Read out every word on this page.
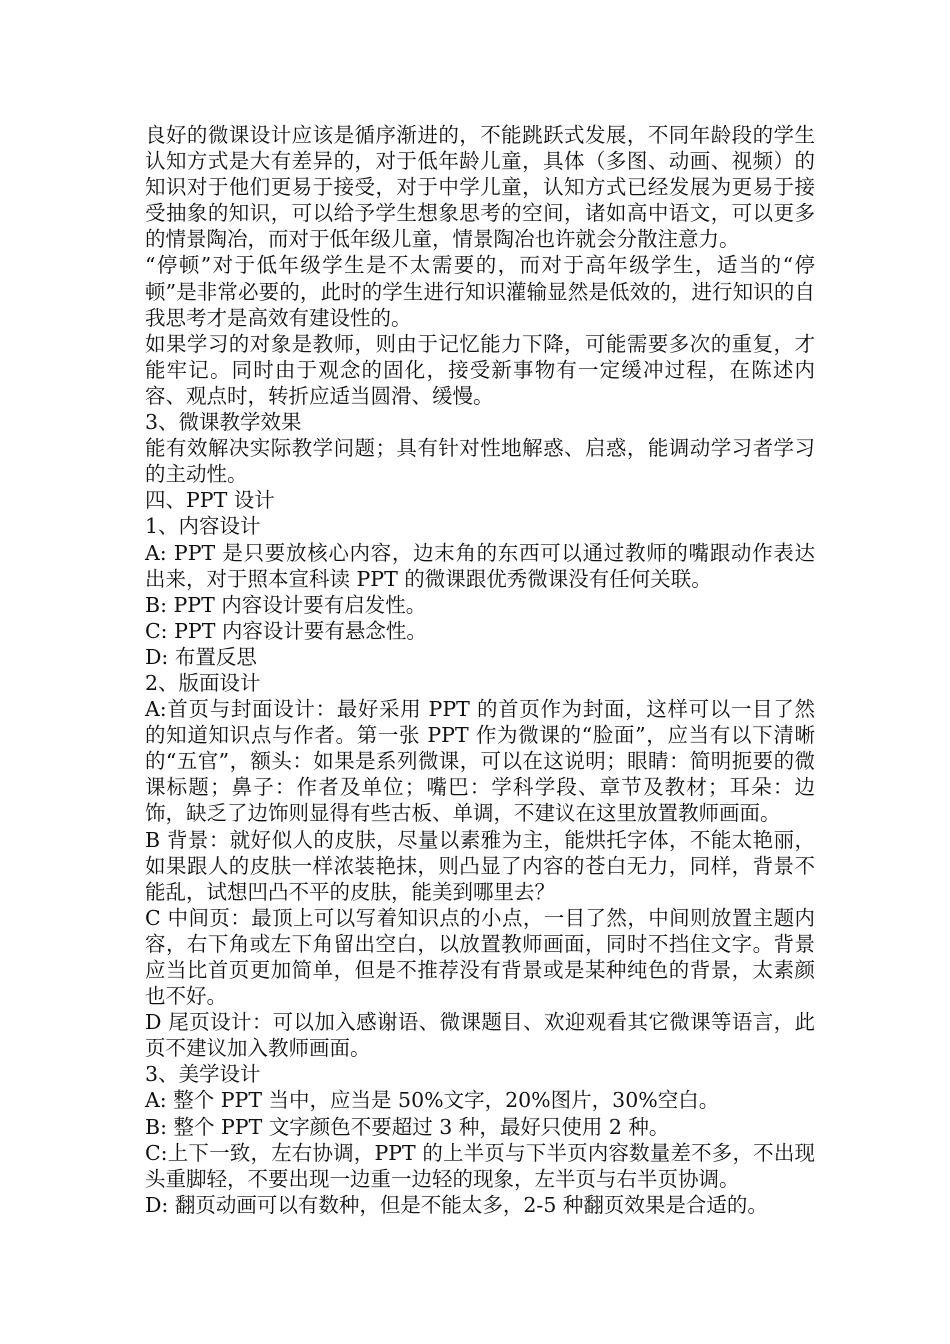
良好的微课设计应该是循序渐进的，不能跳跃式发展，不同年龄段的学生认知方式是大有差异的，对于低年龄儿童，具体（多图、动画、视频）的知识对于他们更易于接受，对于中学儿童，认知方式已经发展为更易于接受抽象的知识，可以给予学生想象思考的空间，诸如高中语文，可以更多的情景陶冶，而对于低年级儿童，情景陶冶也许就会分散注意力。

“停顿”对于低年级学生是不太需要的，而对于高年级学生，适当的“停顿”是非常必要的，此时的学生进行知识灌输显然是低效的，进行知识的自我思考才是高效有建设性的。

如果学习的对象是教师，则由于记忆能力下降，可能需要多次的重复，才能牢记。同时由于观念的固化，接受新事物有一定缓冲过程，在陈述内容、观点时，转折应适当圆滑、缓慢。

3、微课教学效果

能有效解决实际教学问题；具有针对性地解惑、启惑，能调动学习者学习的主动性。

四、PPT 设计

1、内容设计

A: PPT 是只要放核心内容，边末角的东西可以通过教师的嘴跟动作表达出来，对于照本宣科读 PPT 的微课跟优秀微课没有任何关联。

B: PPT 内容设计要有启发性。

C: PPT 内容设计要有悬念性。

D: 布置反思

2、版面设计

A:首页与封面设计：最好采用 PPT 的首页作为封面，这样可以一目了然的知道知识点与作者。第一张 PPT 作为微课的“脸面”，应当有以下清晰的“五官”，额头：如果是系列微课，可以在这说明；眼睛：简明扼要的微课标题；鼻子：作者及单位；嘴巴：学科学段、章节及教材；耳朵：边饰，缺乏了边饰则显得有些古板、单调，不建议在这里放置教师画面。

B 背景：就好似人的皮肤，尽量以素雅为主，能烘托字体，不能太艳丽，如果跟人的皮肤一样浓装艳抹，则凸显了内容的苍白无力，同样，背景不能乱，试想凹凸不平的皮肤，能美到哪里去？

C 中间页：最顶上可以写着知识点的小点，一目了然，中间则放置主题内容，右下角或左下角留出空白，以放置教师画面，同时不挡住文字。背景应当比首页更加简单，但是不推荐没有背景或是某种纯色的背景，太素颜也不好。

D 尾页设计：可以加入感谢语、微课题目、欢迎观看其它微课等语言，此页不建议加入教师画面。

3、美学设计

A: 整个 PPT 当中，应当是 50%文字，20%图片，30%空白。

B: 整个 PPT 文字颜色不要超过 3 种，最好只使用 2 种。

C:上下一致，左右协调，PPT 的上半页与下半页内容数量差不多，不出现头重脚轻，不要出现一边重一边轻的现象，左半页与右半页协调。

D: 翻页动画可以有数种，但是不能太多，2-5 种翻页效果是合适的。
